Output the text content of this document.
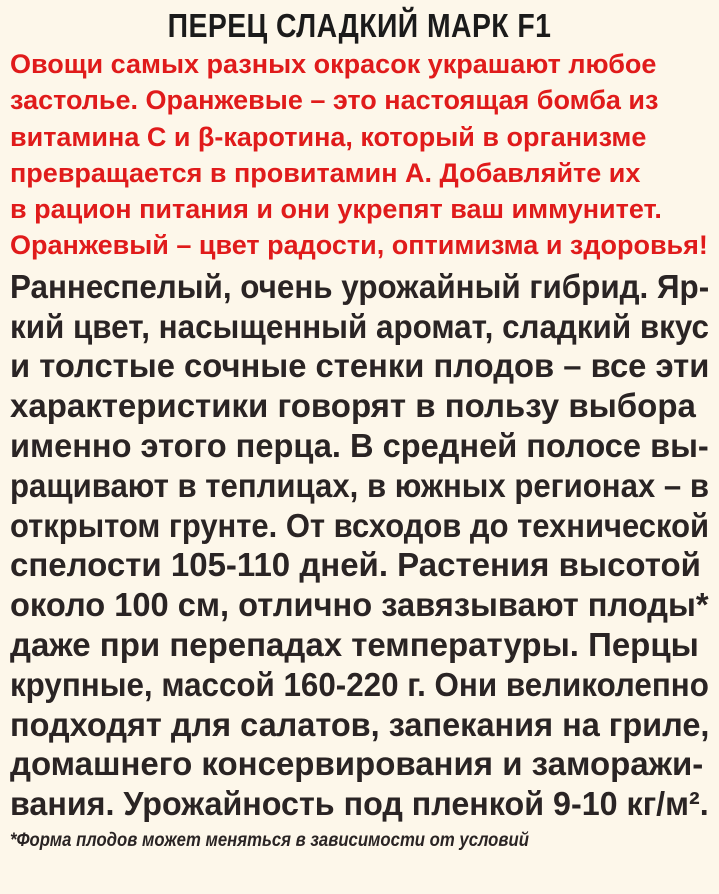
ПЕРЕЦ СЛАДКИЙ МАРК F1
Овощи самых разных окрасок украшают любое
застолье. Оранжевые – это настоящая бомба из
витамина С и β-каротина, который в организме
превращается в провитамин А. Добавляйте их
в рацион питания и они укрепят ваш иммунитет.
Оранжевый – цвет радости, оптимизма и здоровья!
Раннеспелый, очень урожайный гибрид. Яр-
кий цвет, насыщенный аромат, сладкий вкус
и толстые сочные стенки плодов – все эти
характеристики говорят в пользу выбора
именно этого перца. В средней полосе вы-
ращивают в теплицах, в южных регионах – в
открытом грунте. От всходов до технической
спелости 105-110 дней. Растения высотой
около 100 см, отлично завязывают плоды*
даже при перепадах температуры. Перцы
крупные, массой 160-220 г. Они великолепно
подходят для салатов, запекания на гриле,
домашнего консервирования и заморажи-
вания. Урожайность под пленкой 9-10 кг/м².
*Форма плодов может меняться в зависимости от условий
